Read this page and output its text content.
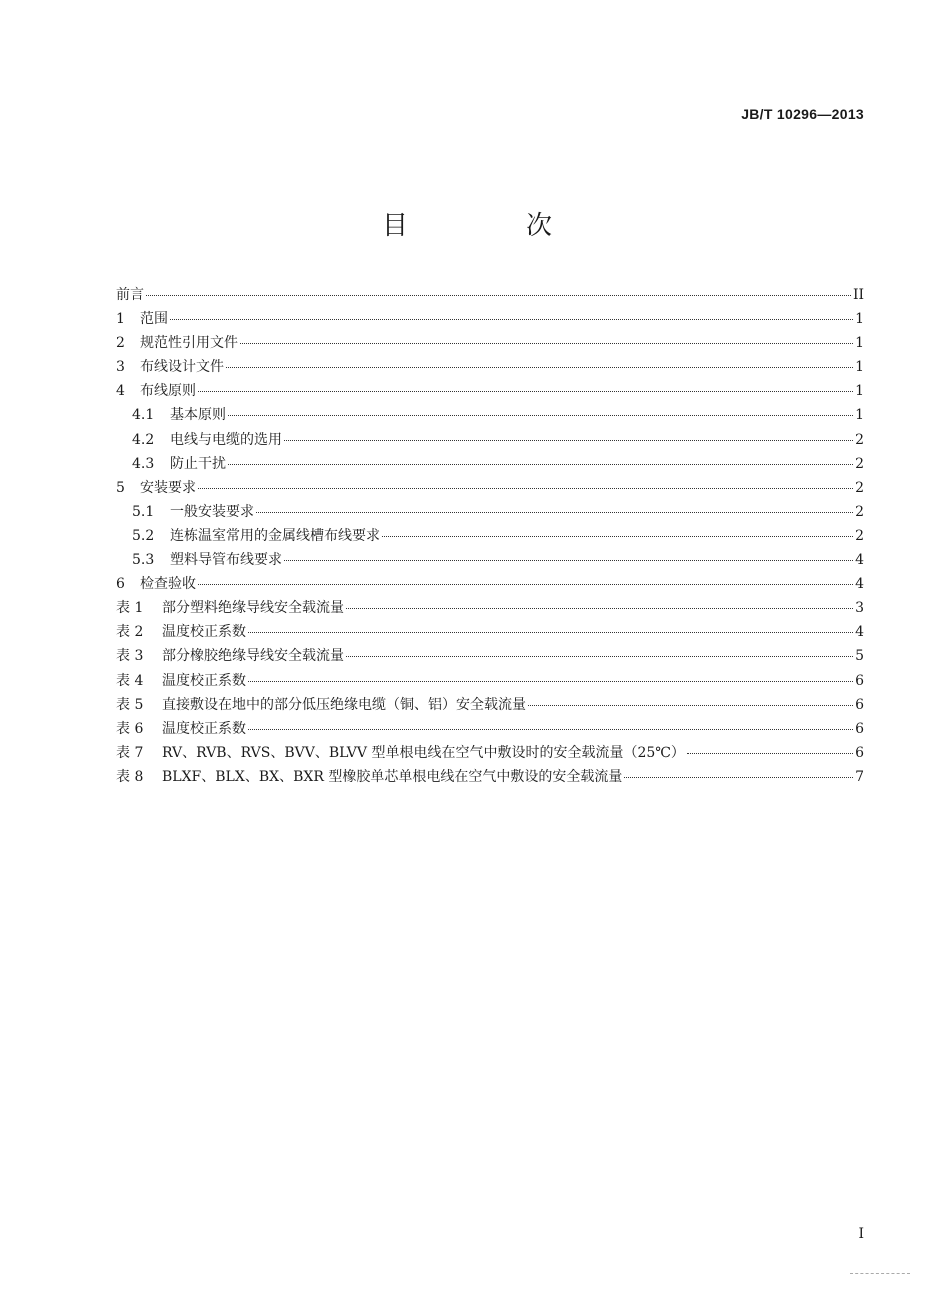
JB/T 10296—2013
目　次
前言	II
1	范围	1
2	规范性引用文件	1
3	布线设计文件	1
4	布线原则	1
4.1	基本原则	1
4.2	电线与电缆的选用	2
4.3	防止干扰	2
5	安装要求	2
5.1	一般安装要求	2
5.2	连栋温室常用的金属线槽布线要求	2
5.3	塑料导管布线要求	4
6	检查验收	4
表 1	部分塑料绝缘导线安全载流量	3
表 2	温度校正系数	4
表 3	部分橡胶绝缘导线安全载流量	5
表 4	温度校正系数	6
表 5	直接敷设在地中的部分低压绝缘电缆（铜、铝）安全载流量	6
表 6	温度校正系数	6
表 7	RV、RVB、RVS、BVV、BLVV 型单根电线在空气中敷设时的安全载流量（25℃）	6
表 8	BLXF、BLX、BX、BXR 型橡胶单芯单根电线在空气中敷设的安全载流量	7
I
